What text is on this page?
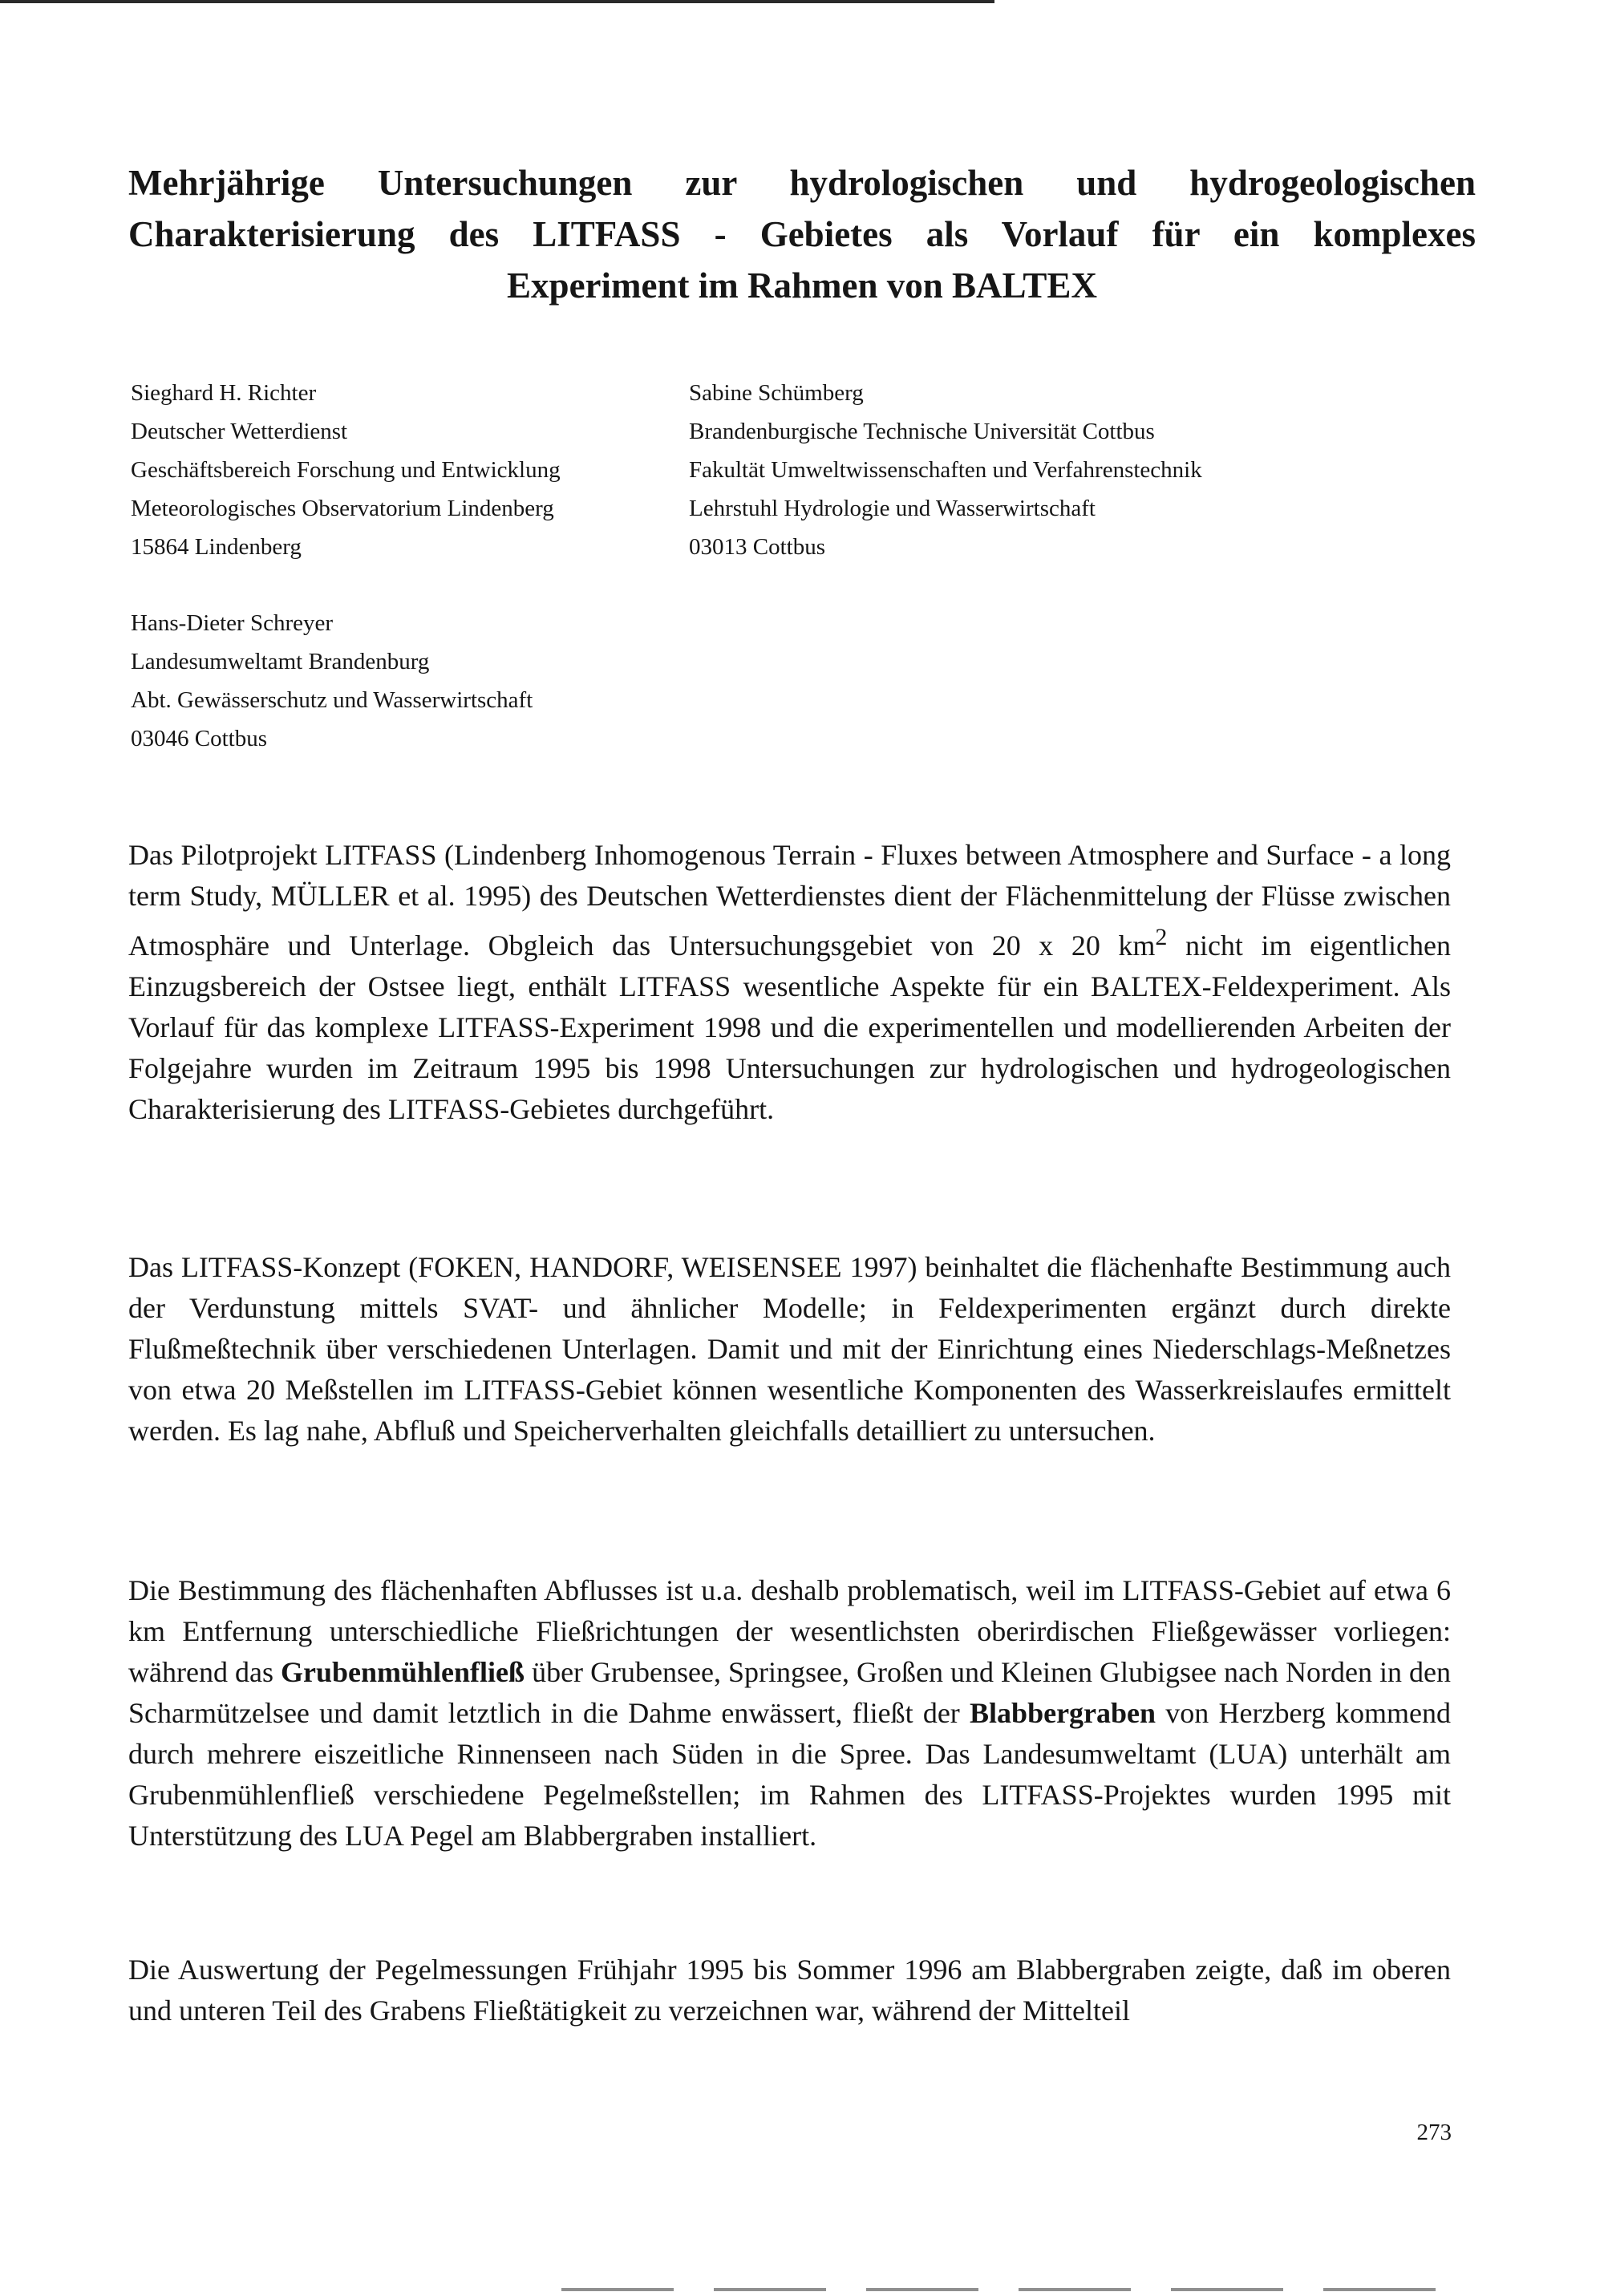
Mehrjährige Untersuchungen zur hydrologischen und hydrogeologischen
Charakterisierung des LITFASS - Gebietes als Vorlauf für ein komplexes
Experiment im Rahmen von BALTEX
Sieghard H. Richter
Deutscher Wetterdienst
Geschäftsbereich Forschung und Entwicklung
Meteorologisches Observatorium Lindenberg
15864 Lindenberg
Sabine Schümberg
Brandenburgische Technische Universität Cottbus
Fakultät Umweltwissenschaften und Verfahrenstechnik
Lehrstuhl Hydrologie und Wasserwirtschaft
03013 Cottbus
Hans-Dieter Schreyer
Landesumweltamt Brandenburg
Abt. Gewässerschutz und Wasserwirtschaft
03046 Cottbus

Das Pilotprojekt LITFASS (Lindenberg Inhomogenous Terrain - Fluxes between Atmosphere and Surface - a long term Study, MÜLLER et al. 1995) des Deutschen Wetterdienstes dient der Flächenmittelung der Flüsse zwischen Atmosphäre und Unterlage. Obgleich das Untersuchungsgebiet von 20 x 20 $km^2$ nicht im eigentlichen Einzugsbereich der Ostsee liegt, enthält LITFASS wesentliche Aspekte für ein BALTEX-Feldexperiment. Als Vorlauf für das komplexe LITFASS-Experiment 1998 und die experimentellen und modellierenden Arbeiten der Folgejahre wurden im Zeitraum 1995 bis 1998 Untersuchungen zur hydrologischen und hydrogeologischen Charakterisierung des LITFASS-Gebietes durchgeführt.

Das LITFASS-Konzept (FOKEN, HANDORF, WEISENSEE 1997) beinhaltet die flächenhafte Bestimmung auch der Verdunstung mittels SVAT- und ähnlicher Modelle; in Feldexperimenten ergänzt durch direkte Flußmeßtechnik über verschiedenen Unterlagen. Damit und mit der Einrichtung eines Niederschlags-Meßnetzes von etwa 20 Meßstellen im LITFASS-Gebiet können wesentliche Komponenten des Wasserkreislaufes ermittelt werden. Es lag nahe, Abfluß und Speicherverhalten gleichfalls detailliert zu untersuchen.

Die Bestimmung des flächenhaften Abflusses ist u.a. deshalb problematisch, weil im LITFASS-Gebiet auf etwa 6 km Entfernung unterschiedliche Fließrichtungen der wesentlichsten oberirdischen Fließgewässer vorliegen: während das Grubenmühlenfließ über Grubensee, Springsee, Großen und Kleinen Glubigsee nach Norden in den Scharmützelsee und damit letztlich in die Dahme enwässert, fließt der Blabbergraben von Herzberg kommend durch mehrere eiszeitliche Rinnenseen nach Süden in die Spree. Das Landesumweltamt (LUA) unterhält am Grubenmühlenfließ verschiedene Pegelmeßstellen; im Rahmen des LITFASS-Projektes wurden 1995 mit Unterstützung des LUA Pegel am Blabbergraben installiert.

Die Auswertung der Pegelmessungen Frühjahr 1995 bis Sommer 1996 am Blabbergraben zeigte, daß im oberen und unteren Teil des Grabens Fließtätigkeit zu verzeichnen war, während der Mittelteil

273
